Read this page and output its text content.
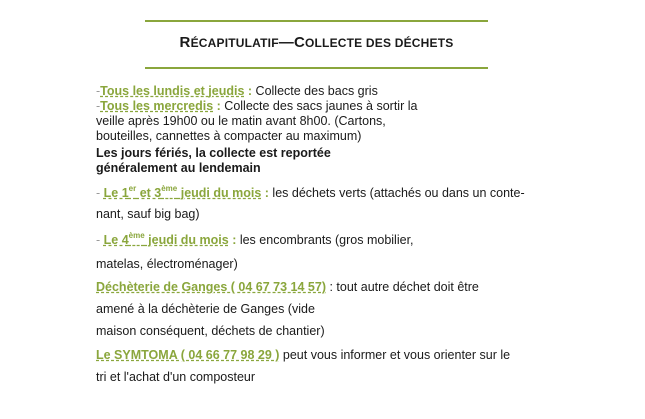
RÉCAPITULATIF—COLLECTE DES DÉCHETS
-Tous les lundis et jeudis : Collecte des bacs gris
-Tous les mercredis : Collecte des sacs jaunes à sortir la
veille après 19h00 ou le matin avant 8h00. (Cartons,
bouteilles, cannettes à compacter au maximum)
Les jours fériés, la collecte est reportée
généralement au lendemain
- Le 1er et 3ème jeudi du mois : les déchets verts (attachés ou dans un conte-
nant, sauf big bag)
- Le 4ème jeudi du mois : les encombrants (gros mobilier,
matelas, électroménager)
Déchèterie de Ganges ( 04 67 73 14 57) : tout autre déchet doit être
amené à la déchèterie de Ganges (vide
maison conséquent, déchets de chantier)
Le SYMTOMA ( 04 66 77 98 29 ) peut vous informer et vous orienter sur le
tri et l'achat d'un composteur
